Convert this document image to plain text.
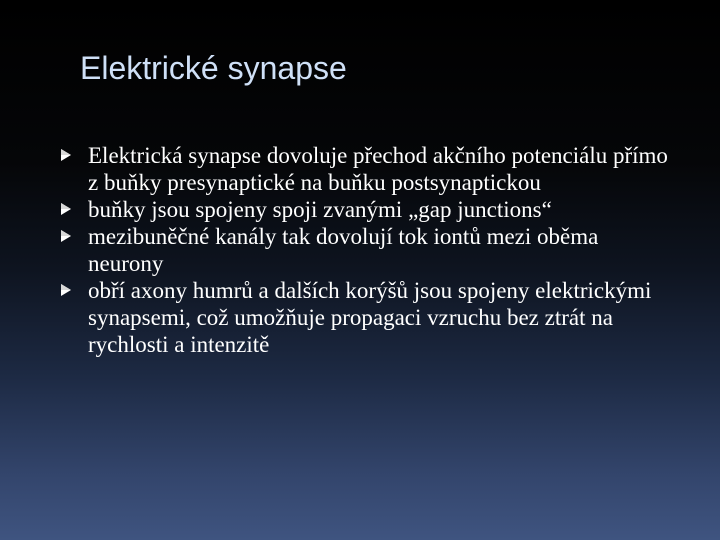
Elektrické synapse
Elektrická synapse dovoluje přechod akčního potenciálu přímo z buňky presynaptické na buňku postsynaptickou
buňky jsou spojeny spoji zvanými „gap junctions“
mezibuněčné kanály tak dovolují tok iontů mezi oběma neurony
obří axony humrů a dalších korýšů jsou spojeny elektrickými synapsemi, což umožňuje propagaci vzruchu bez ztrát na rychlosti a intenzitě
